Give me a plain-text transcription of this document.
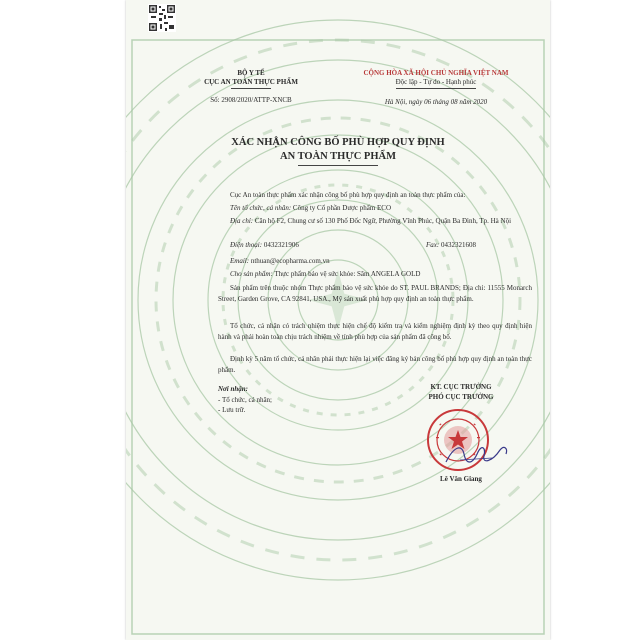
BỘ Y TẾ
CỤC AN TOÀN THỰC PHẨM
Số: 2908/2020/ATTP-XNCB
CỘNG HÒA XÃ HỘI CHỦ NGHĨA VIỆT NAM
Độc lập - Tự do - Hạnh phúc
Hà Nội, ngày 06 tháng 08 năm 2020
XÁC NHẬN CÔNG BỐ PHÙ HỢP QUY ĐỊNH
AN TOÀN THỰC PHẨM

Cục An toàn thực phẩm xác nhận công bố phù hợp quy định an toàn thực phẩm của:

Tên tổ chức, cá nhân: Công ty Cổ phần Dược phẩm ECO

Địa chỉ: Căn hộ F2, Chung cư số 130 Phố Đốc Ngữ, Phường Vĩnh Phúc, Quận Ba Đình, Tp. Hà Nội

Điện thoại: 0432321906	Fax: 0432321608

Email: nthuan@ecopharma.com.vn

Cho sản phẩm: Thực phẩm bảo vệ sức khỏe: Sâm ANGELA GOLD

Sản phẩm trên thuộc nhóm Thực phẩm bảo vệ sức khỏe do ST. PAUL BRANDS; Địa chỉ: 11555 Monarch Street, Garden Grove, CA 92841, USA., Mỹ sản xuất phù hợp quy định an toàn thực phẩm.

Tổ chức, cá nhân có trách nhiệm thực hiện chế độ kiểm tra và kiểm nghiệm định kỳ theo quy định hiện hành và phải hoàn toàn chịu trách nhiệm về tính phù hợp của sản phẩm đã công bố.

Định kỳ 5 năm tổ chức, cá nhân phải thực hiện lại việc đăng ký bản công bố phù hợp quy định an toàn thực phẩm.

Nơi nhận:
- Tổ chức, cá nhân;
- Lưu trữ.
KT. CỤC TRƯỞNG
PHÓ CỤC TRƯỞNG
Lê Văn Giang
